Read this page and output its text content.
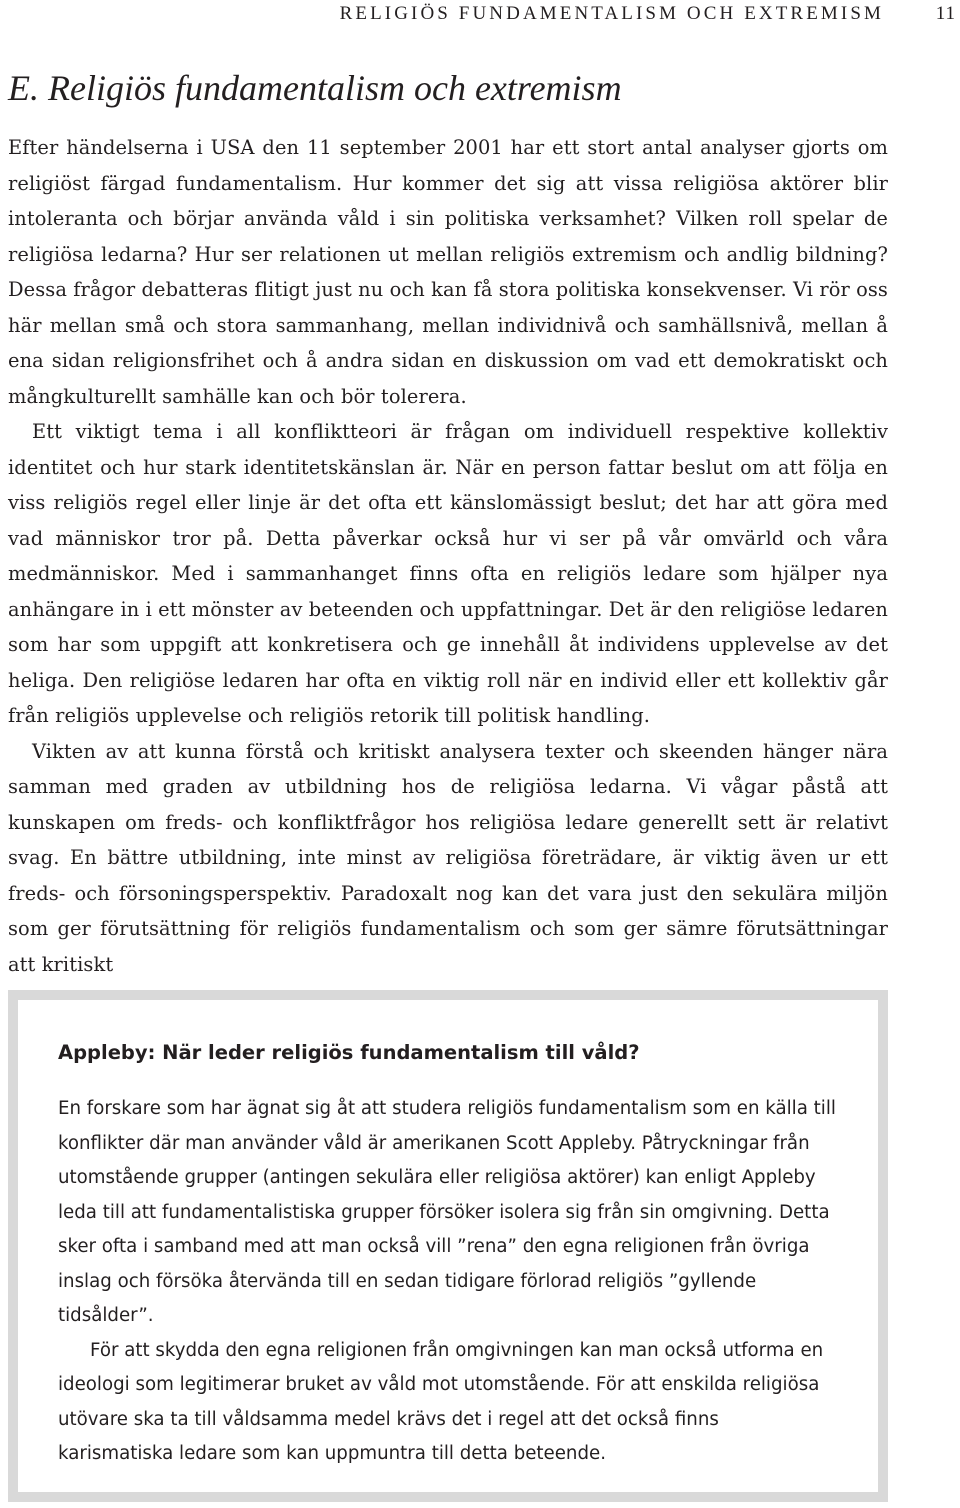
RELIGIÖS FUNDAMENTALISM OCH EXTREMISM	11
E. Religiös fundamentalism och extremism

Efter händelserna i USA den 11 september 2001 har ett stort antal analyser gjorts om religiöst färgad fundamentalism. Hur kommer det sig att vissa religiösa aktörer blir intoleranta och börjar använda våld i sin politiska verksamhet? Vilken roll spelar de religiösa ledarna? Hur ser relationen ut mellan religiös extremism och andlig bildning? Dessa frågor debatteras flitigt just nu och kan få stora politiska konsekvenser. Vi rör oss här mellan små och stora sammanhang, mellan individnivå och samhällsnivå, mellan å ena sidan religionsfrihet och å andra sidan en diskussion om vad ett demokratiskt och mångkulturellt samhälle kan och bör tolerera.

Ett viktigt tema i all konfliktteori är frågan om individuell respektive kollektiv identitet och hur stark identitetskänslan är. När en person fattar beslut om att följa en viss religiös regel eller linje är det ofta ett känslomässigt beslut; det har att göra med vad människor tror på. Detta påverkar också hur vi ser på vår omvärld och våra medmänniskor. Med i sammanhanget finns ofta en religiös ledare som hjälper nya anhängare in i ett mönster av beteenden och uppfattningar. Det är den religiöse ledaren som har som uppgift att konkretisera och ge innehåll åt individens upplevelse av det heliga. Den religiöse ledaren har ofta en viktig roll när en individ eller ett kollektiv går från religiös upplevelse och religiös retorik till politisk handling.

Vikten av att kunna förstå och kritiskt analysera texter och skeenden hänger nära samman med graden av utbildning hos de religiösa ledarna. Vi vågar påstå att kunskapen om freds- och konfliktfrågor hos religiösa ledare generellt sett är relativt svag. En bättre utbildning, inte minst av religiösa företrädare, är viktig även ur ett freds- och försoningsperspektiv. Paradoxalt nog kan det vara just den sekulära miljön som ger förutsättning för religiös fundamentalism och som ger sämre förutsättningar att kritiskt

Appleby: När leder religiös fundamentalism till våld?

En forskare som har ägnat sig åt att studera religiös fundamentalism som en källa till konflikter där man använder våld är amerikanen Scott Appleby. Påtryckningar från utomstående grupper (antingen sekulära eller religiösa aktörer) kan enligt Appleby leda till att fundamentalistiska grupper försöker isolera sig från sin omgivning. Detta sker ofta i samband med att man också vill ”rena” den egna religionen från övriga inslag och försöka återvända till en sedan tidigare förlorad religiös ”gyllende tidsålder”.

För att skydda den egna religionen från omgivningen kan man också utforma en ideologi som legitimerar bruket av våld mot utomstående. För att enskilda religiösa utövare ska ta till våldsamma medel krävs det i regel att det också finns karismatiska ledare som kan uppmuntra till detta beteende.
